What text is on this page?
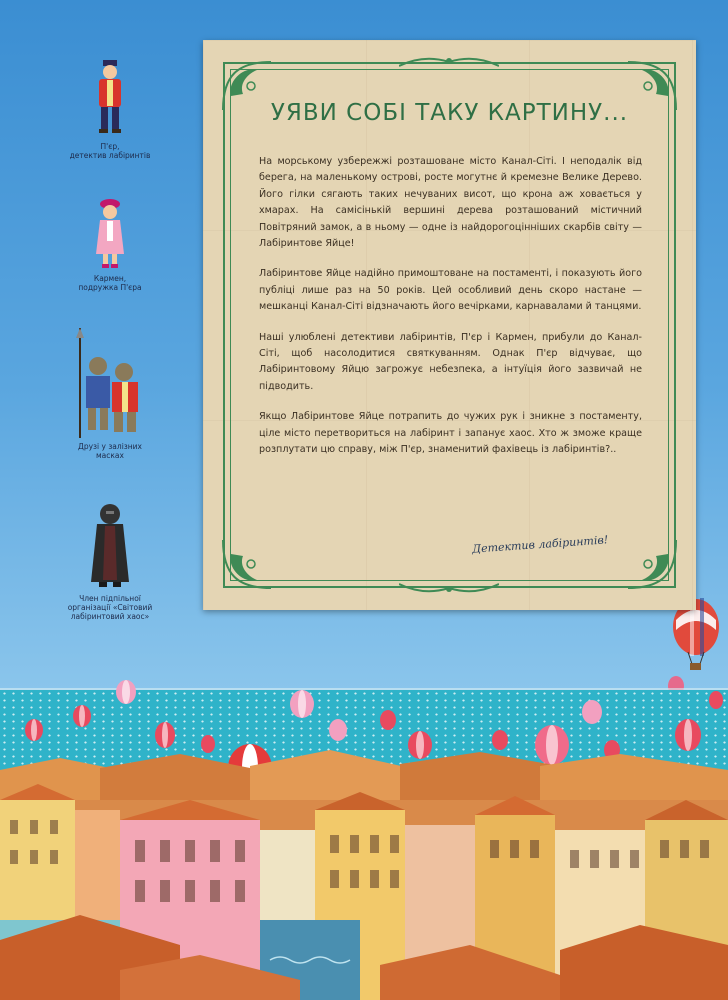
П'єр,
детектив лабіринтів
Кармен,
подружка П'єра
Друзі у залізних
масках
Член підпільної
організації «Світовий
лабіринтовий хаос»
УЯВИ СОБІ ТАКУ КАРТИНУ...

На морському узбережжі розташоване місто Канал-Сіті. І неподалік від берега, на маленькому острові, росте могутнє й кремезне Велике Дерево. Його гілки сягають таких нечуваних висот, що крона аж ховається у хмарах. На самісінькій вершині дерева розташований містичний Повітряний замок, а в ньому — одне із найдорогоцінніших скарбів світу — Лабіринтове Яйце!

Лабіринтове Яйце надійно примоштоване на постаменті, і показують його публіці лише раз на 50 років. Цей особливий день скоро настане — мешканці Канал-Сіті відзначають його вечірками, карнавалами й танцями.

Наші улюблені детективи лабіринтів, П'єр і Кармен, прибули до Канал-Сіті, щоб насолодитися святкуванням. Однак П'єр відчуває, що Лабіринтовому Яйцю загрожує небезпека, а інтуїція його зазвичай не підводить.

Якщо Лабіринтове Яйце потрапить до чужих рук і зникне з постаменту, ціле місто перетвориться на лабіринт і запанує хаос. Хто ж зможе краще розплутати цю справу, між П'єр, знаменитий фахівець із лабіринтів?..

Детектив лабіринтів!
